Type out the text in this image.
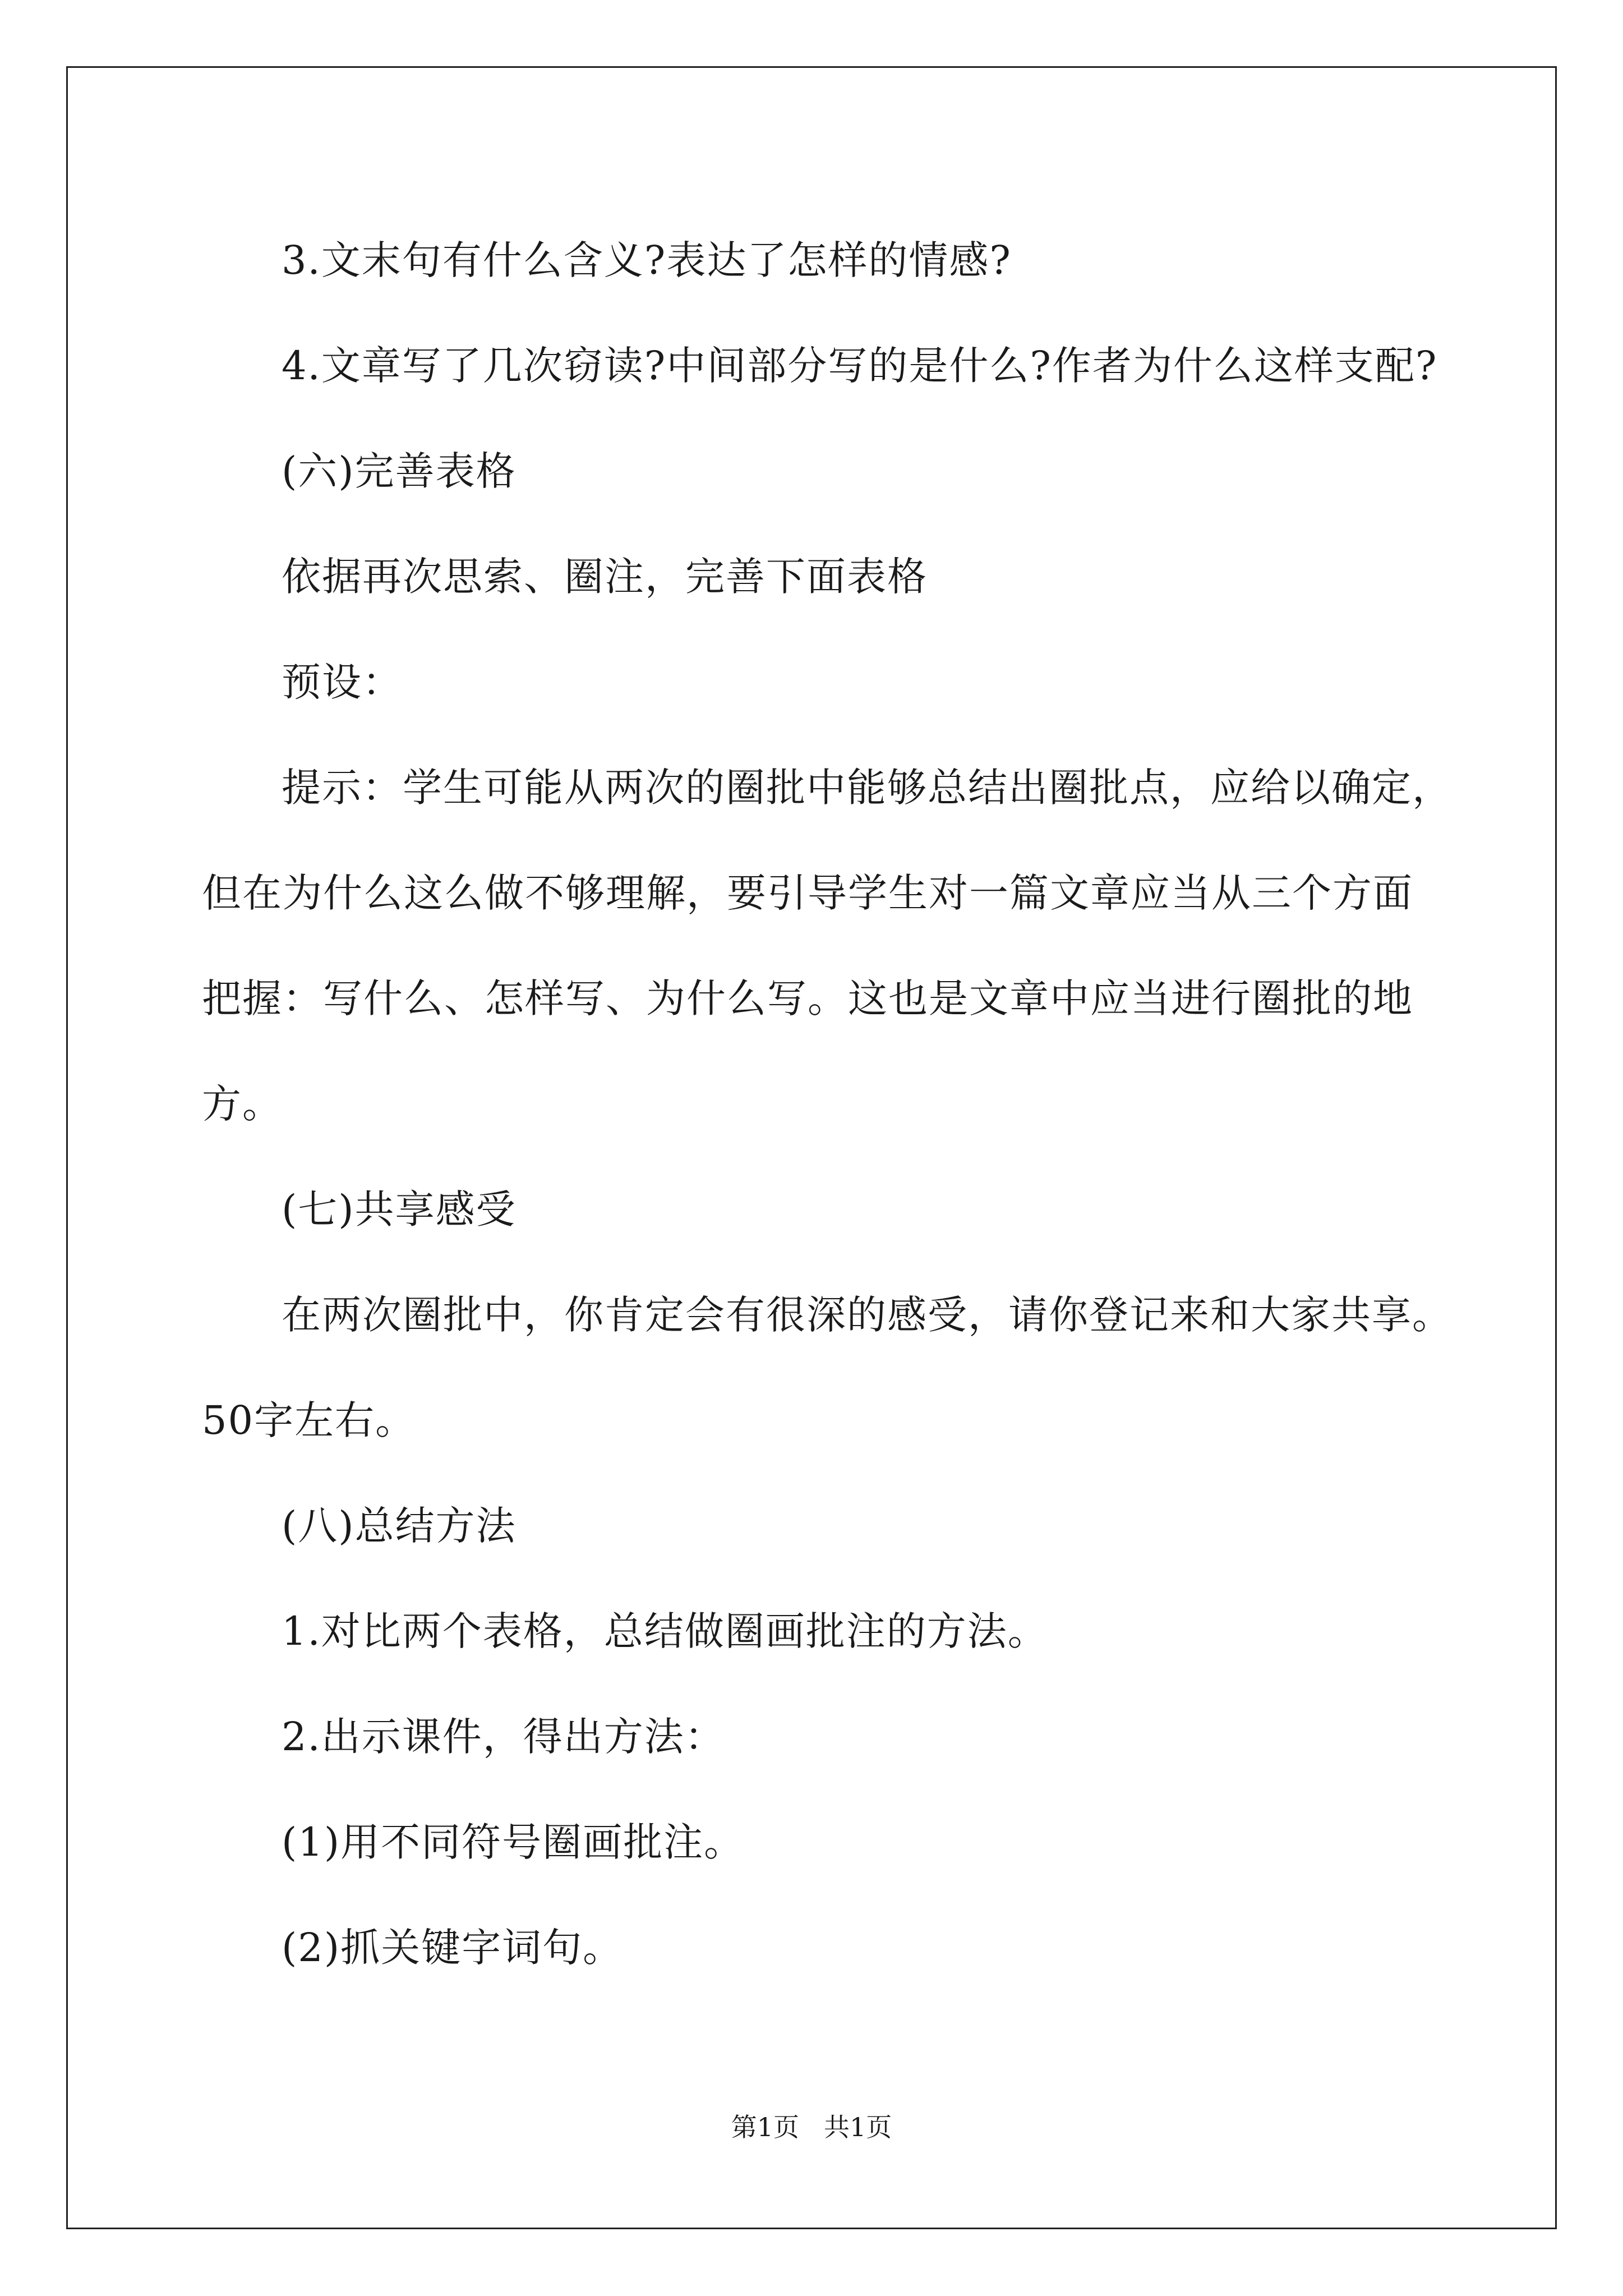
3.文末句有什么含义?表达了怎样的情感?

4.文章写了几次窃读?中间部分写的是什么?作者为什么这样支配?

(六)完善表格

依据再次思索、圈注，完善下面表格

预设：

提示：学生可能从两次的圈批中能够总结出圈批点，应给以确定，

但在为什么这么做不够理解，要引导学生对一篇文章应当从三个方面

把握：写什么、怎样写、为什么写。这也是文章中应当进行圈批的地

方。

(七)共享感受

在两次圈批中，你肯定会有很深的感受，请你登记来和大家共享。

50字左右。

(八)总结方法

1.对比两个表格，总结做圈画批注的方法。

2.出示课件，得出方法：

(1)用不同符号圈画批注。

(2)抓关键字词句。

第1页 共1页
